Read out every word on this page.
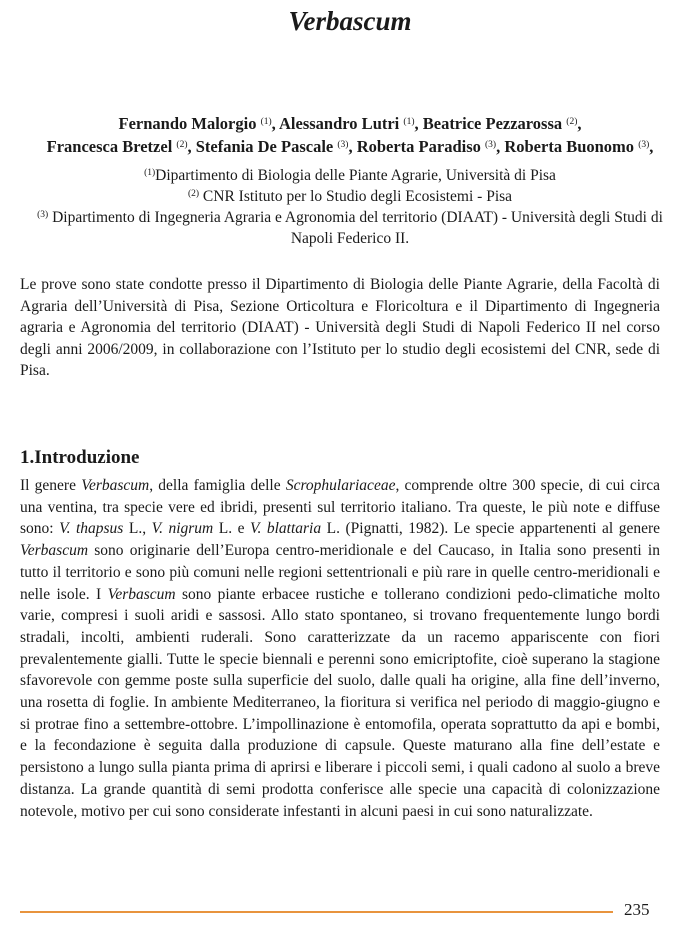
Verbascum
Fernando Malorgio $^{(1)}$, Alessandro Lutri $^{(1)}$, Beatrice Pezzarossa $^{(2)}$,
Francesca Bretzel $^{(2)}$, Stefania De Pascale $^{(3)}$, Roberta Paradiso $^{(3)}$, Roberta Buonomo $^{(3)}$,
$^{(1)}$Dipartimento di Biologia delle Piante Agrarie, Università di Pisa
$^{(2)}$ CNR Istituto per lo Studio degli Ecosistemi - Pisa
$^{(3)}$ Dipartimento di Ingegneria Agraria e Agronomia del territorio (DIAAT) - Università degli Studi di Napoli Federico II.

Le prove sono state condotte presso il Dipartimento di Biologia delle Piante Agrarie, della Facoltà di Agraria dell’Università di Pisa, Sezione Orticoltura e Floricoltura e il Dipartimento di Ingegneria agraria e Agronomia del territorio (DIAAT) - Università degli Studi di Napoli Federico II nel corso degli anni 2006/2009, in collaborazione con l’Istituto per lo studio degli ecosistemi del CNR, sede di Pisa.

1.Introduzione

Il genere Verbascum, della famiglia delle Scrophulariaceae, comprende oltre 300 specie, di cui circa una ventina, tra specie vere ed ibridi, presenti sul territorio italiano. Tra queste, le più note e diffuse sono: V. thapsus L., V. nigrum L. e V. blattaria L. (Pignatti, 1982). Le specie appartenenti al genere Verbascum sono originarie dell’Europa centro-meridionale e del Caucaso, in Italia sono presenti in tutto il territorio e sono più comuni nelle regioni settentrionali e più rare in quelle centro-meridionali e nelle isole. I Verbascum sono piante erbacee rustiche e tollerano condizioni pedo-climatiche molto varie, compresi i suoli aridi e sassosi. Allo stato spontaneo, si trovano frequentemente lungo bordi stradali, incolti, ambienti ruderali. Sono caratterizzate da un racemo appariscente con fiori prevalentemente gialli. Tutte le specie biennali e perenni sono emicriptofite, cioè superano la stagione sfavorevole con gemme poste sulla superficie del suolo, dalle quali ha origine, alla fine dell’inverno, una rosetta di foglie. In ambiente Mediterraneo, la fioritura si verifica nel periodo di maggio-giugno e si protrae fino a settembre-ottobre. L’impollinazione è entomofila, operata soprattutto da api e bombi, e la fecondazione è seguita dalla produzione di capsule. Queste maturano alla fine dell’estate e persistono a lungo sulla pianta prima di aprirsi e liberare i piccoli semi, i quali cadono al suolo a breve distanza. La grande quantità di semi prodotta conferisce alle specie una capacità di colonizzazione notevole, motivo per cui sono considerate infestanti in alcuni paesi in cui sono naturalizzate.

235
